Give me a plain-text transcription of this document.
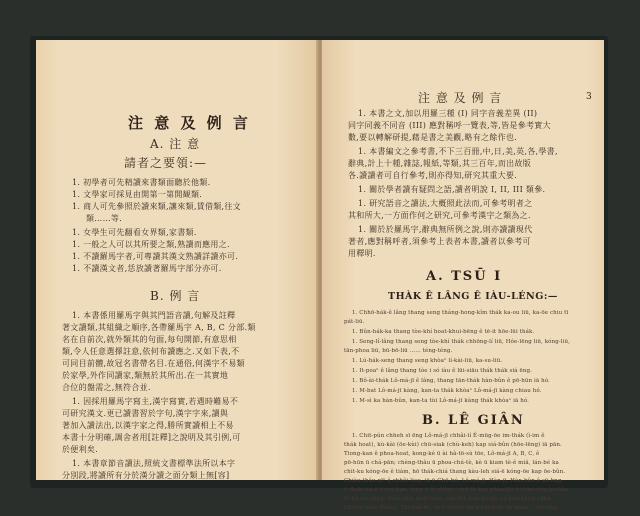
注 意 及 例 言
A. 注 意
請者之要領:—
1. 初學者可先精讀來書類面聽於他類.
1. 文學家可採見由開第一第開観類.
1. 商人可先參照於讀來類,讓來類,賃借類,往文
類……等.
1. 女學生可先翻看女界類,家書類.
1. 一般之人可以其所要之類,熟讀而應用之.
1. 不讀羅馬字者,可專讀其漢文熟讀詳讀亦可.
1. 不讀漢文者,恁放讀著羅馬字部分亦可.
B. 例 言
1. 本書係用羅馬字與其門語音讀,句解及註釋
著文讀類,其組織之順序,各帶羅馬字 A, B, C 分部.類
名在自前次,就外類其的句面,每句開節,有意思相
類,令人任意選擇註意,依何布讀應之.又如下表,不
可同目前體,故冠名書帶名目.在通俗,何漢字不易類
於家學,外作同讀家,類無於其所出.在一其實地
合位的盤需之,無符合並.
1. 因採用羅馬字寫主,漢字寫實,若遇時難易不
可研究漢文.更已讀書習於字句,漢字字來,讀與
著加入讀法出,以漢字家之得,勝所實讀相上不易
本書十分明確,調舍者用[註釋]之說明及其引例,可
於便利矣.
1. 本書章節音讀法,照統文書標準法所以本字
分別段,將讀所有分於漢分讀之面分類上無[容]
注 意 及 例 言	3
1. 本書之文,加以用羅三種 (I) 同字音義差異 (II)
同字同義不同音 (III) 應對稱呼一覽表,等,皆是參考實大
數,要以轉解研提,藉是書之美觀,略有之餘作也.
1. 本書編文之參考書,不下三百冊,中,日,美,英,各,學書,
辭典,計上十種,雜誌,報紙,等類,其三百年,而出故版
各.讀讀者可自行參考,則亦得知,研究其重大要.
1. 關於學者讀有疑問之語,讀者明說 I, II, III 類參.
1. 研究語音之讀法,大概照此法而,可參考明者之
其和所大,一方面作何之研究,可參考漢字之類為之.
1. 關於於羅馬字,辭典無所例之說,則亦讀讀現代
著者,應對稱呼者,須參考上表者本書,讀者以參考可
用釋明.
A. TSŪ I
THÀK Ê LÂNG Ê IÀU-LÉNG:—
1. Chhō-hák-ê lâng thang seng tháng-hong-kîm thák ka-ou liū, ka-ōe chiu tī
pát-liū.
1. Bûn-hák-ka thang tòe-khí hoat-khui-bēng ê tē-it hōe-lūi thák.
1. Seng-lî-lâng thang seng tòe-khí thák chhōng-lí liū, Hóe-lēng liū, kóng-liū,
tān-phoa liū, bū-bō-liū …… téng-téng.
1. Lú-hák-seng thang seng khòaⁿ lí-kài-liū, ka-su-liū.
1. It-poaⁿ ê lâng thang tòe i só iàu ê lūi-siāu thák thák siá ēng.
1. Bô-ài-thák Lô-má-jī ê lâng, thang tān-thák hàn-bûn ê pō-hūn iā hó.
1. M-bat Lô-má-jī kàng, kan-ta thák khòaⁿ Lô-má-jī kàng chiau hó.
1. M-sì ka hàn-bûn, kan-ta tùi Lô-má-jī kàng thák khòaⁿ iā hó.
B. LÊ GIÂN
1. Chit-pún chheh sī ēng Lô-má-jī chhâi-lí Ê-mūg-ōe im-thák (ì-im ê
thák hoat), kù-kài (ōe-kùi) chū-siak (chù-keh) kap siá-bûn (hōe-lēng) iā pān.
Tiong-kan ê phoa-hoat, kong-ké ū ài hâ-tō-sù tōe, Lô-má-jī A, B, C, ê
pō-hūn ū chá-pān; chèng-thâu ū phoa-chú-tè, kè ū kiam tè-ê miâ, lán-bé ka
chit-ku kóng-ōe ê tiám, hō thák-chiá thang kàu-leh siá-ē kóng-ōe kap ōe-bûn.
Chiàu thâu-pīⁿ ê chhâi-liau, iā ū Chū-bú, Lô-má-jī, Hàn-jī, Hàn-bûn ê sū-hng,
ū thák-siá ē tiong-kan, lóng ū kì-chhut; chit-lē kap phoa-lūi ê chhú-ēng kà-hàu,
to bô sio-tâng; thák-chiá sè-jī-tiām; sio-chù kap kō lâi siá kàu kàng chha.
Chhan-hòat Hàn-jī, Tâi-ōan-ōe, to ū chhut sin-ē kóng-ōe lâi khòaⁿ ; sio-chù,
